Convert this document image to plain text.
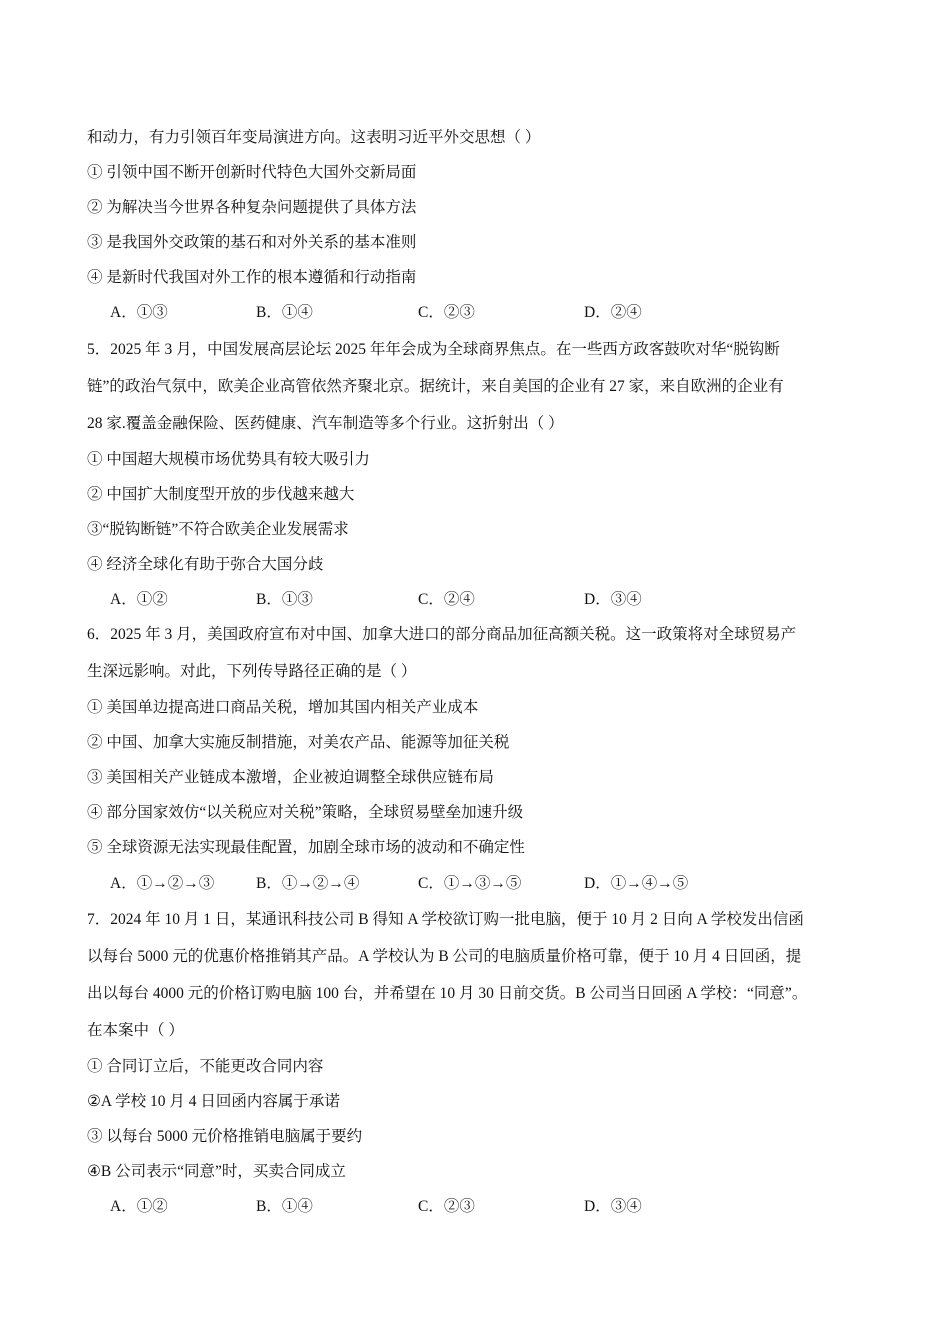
和动力，有力引领百年变局演进方向。这表明习近平外交思想（ ）
① 引领中国不断开创新时代特色大国外交新局面
② 为解决当今世界各种复杂问题提供了具体方法
③ 是我国外交政策的基石和对外关系的基本准则
④ 是新时代我国对外工作的根本遵循和行动指南
A．①③	B．①④	C．②③	D．②④
5．2025 年 3 月，中国发展高层论坛 2025 年年会成为全球商界焦点。在一些西方政客鼓吹对华“脱钩断
链”的政治气氛中，欧美企业高管依然齐聚北京。据统计，来自美国的企业有 27 家，来自欧洲的企业有
28 家.覆盖金融保险、医药健康、汽车制造等多个行业。这折射出（ ）
① 中国超大规模市场优势具有较大吸引力
② 中国扩大制度型开放的步伐越来越大
③“脱钩断链”不符合欧美企业发展需求
④ 经济全球化有助于弥合大国分歧
A．①②	B．①③	C．②④	D．③④
6．2025 年 3 月，美国政府宣布对中国、加拿大进口的部分商品加征高额关税。这一政策将对全球贸易产
生深远影响。对此，下列传导路径正确的是（ ）
① 美国单边提高进口商品关税，增加其国内相关产业成本
② 中国、加拿大实施反制措施，对美农产品、能源等加征关税
③ 美国相关产业链成本激增，企业被迫调整全球供应链布局
④ 部分国家效仿“以关税应对关税”策略，全球贸易壁垒加速升级
⑤ 全球资源无法实现最佳配置，加剧全球市场的波动和不确定性
A．①→②→③	B．①→②→④	C．①→③→⑤	D．①→④→⑤
7．2024 年 10 月 1 日，某通讯科技公司 B 得知 A 学校欲订购一批电脑，便于 10 月 2 日向 A 学校发出信函
以每台 5000 元的优惠价格推销其产品。A 学校认为 B 公司的电脑质量价格可靠，便于 10 月 4 日回函，提
出以每台 4000 元的价格订购电脑 100 台，并希望在 10 月 30 日前交货。B 公司当日回函 A 学校：“同意”。
在本案中（ ）
① 合同订立后，不能更改合同内容
②A 学校 10 月 4 日回函内容属于承诺
③ 以每台 5000 元价格推销电脑属于要约
④B 公司表示“同意”时，买卖合同成立
A．①②	B．①④	C．②③	D．③④
